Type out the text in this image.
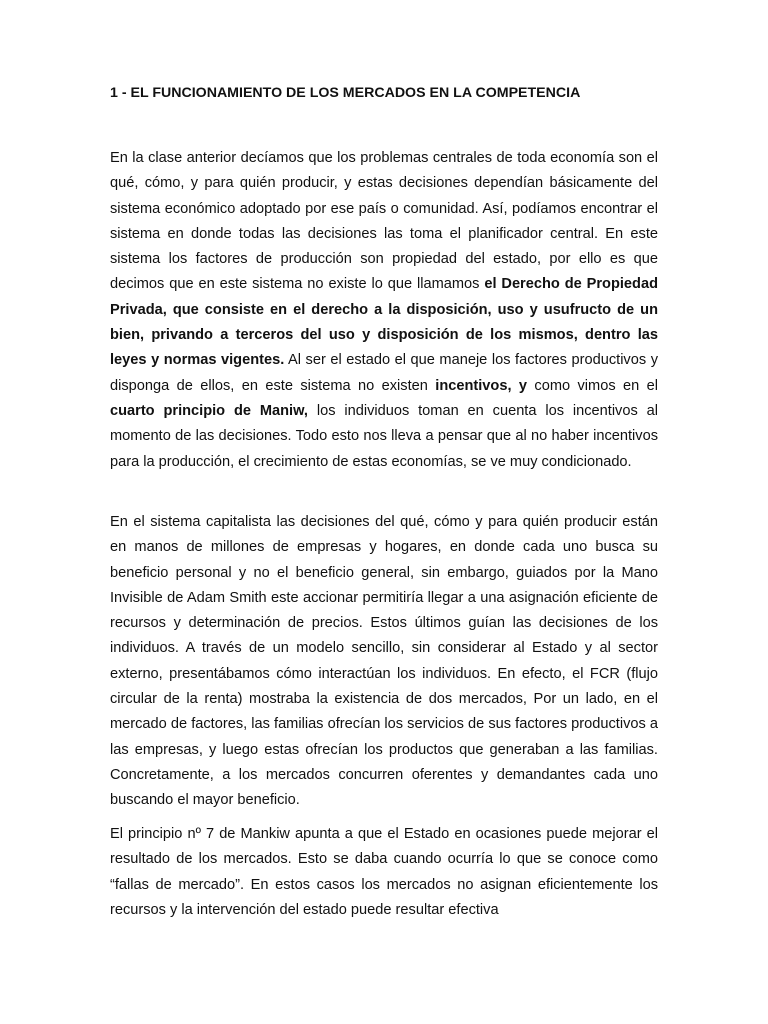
1 - EL FUNCIONAMIENTO DE LOS MERCADOS EN LA COMPETENCIA

En la clase anterior decíamos que los problemas centrales de toda economía son el qué, cómo, y para quién producir, y estas decisiones dependían básicamente del sistema económico adoptado por ese país o comunidad. Así, podíamos encontrar el sistema en donde todas las decisiones las toma el planificador central. En este sistema los factores de producción son propiedad del estado, por ello es que decimos que en este sistema no existe lo que llamamos el Derecho de Propiedad Privada, que consiste en el derecho a la disposición, uso y usufructo de un bien, privando a terceros del uso y disposición de los mismos, dentro las leyes y normas vigentes. Al ser el estado el que maneje los factores productivos y disponga de ellos, en este sistema no existen incentivos, y como vimos en el cuarto principio de Maniw, los individuos toman en cuenta los incentivos al momento de las decisiones. Todo esto nos lleva a pensar que al no haber incentivos para la producción, el crecimiento de estas economías, se ve muy condicionado.

En el sistema capitalista las decisiones del qué, cómo y para quién producir están en manos de millones de empresas y hogares, en donde cada uno busca su beneficio personal y no el beneficio general, sin embargo, guiados por la Mano Invisible de Adam Smith este accionar permitiría llegar a una asignación eficiente de recursos y determinación de precios. Estos últimos guían las decisiones de los individuos. A través de un modelo sencillo, sin considerar al Estado y al sector externo, presentábamos cómo interactúan los individuos. En efecto, el FCR (flujo circular de la renta) mostraba la existencia de dos mercados, Por un lado, en el mercado de factores, las familias ofrecían los servicios de sus factores productivos a las empresas, y luego estas ofrecían los productos que generaban a las familias. Concretamente, a los mercados concurren oferentes y demandantes cada uno buscando el mayor beneficio.

El principio nº 7 de Mankiw apunta a que el Estado en ocasiones puede mejorar el resultado de los mercados. Esto se daba cuando ocurría lo que se conoce como “fallas de mercado”. En estos casos los mercados no asignan eficientemente los recursos y la intervención del estado puede resultar efectiva
